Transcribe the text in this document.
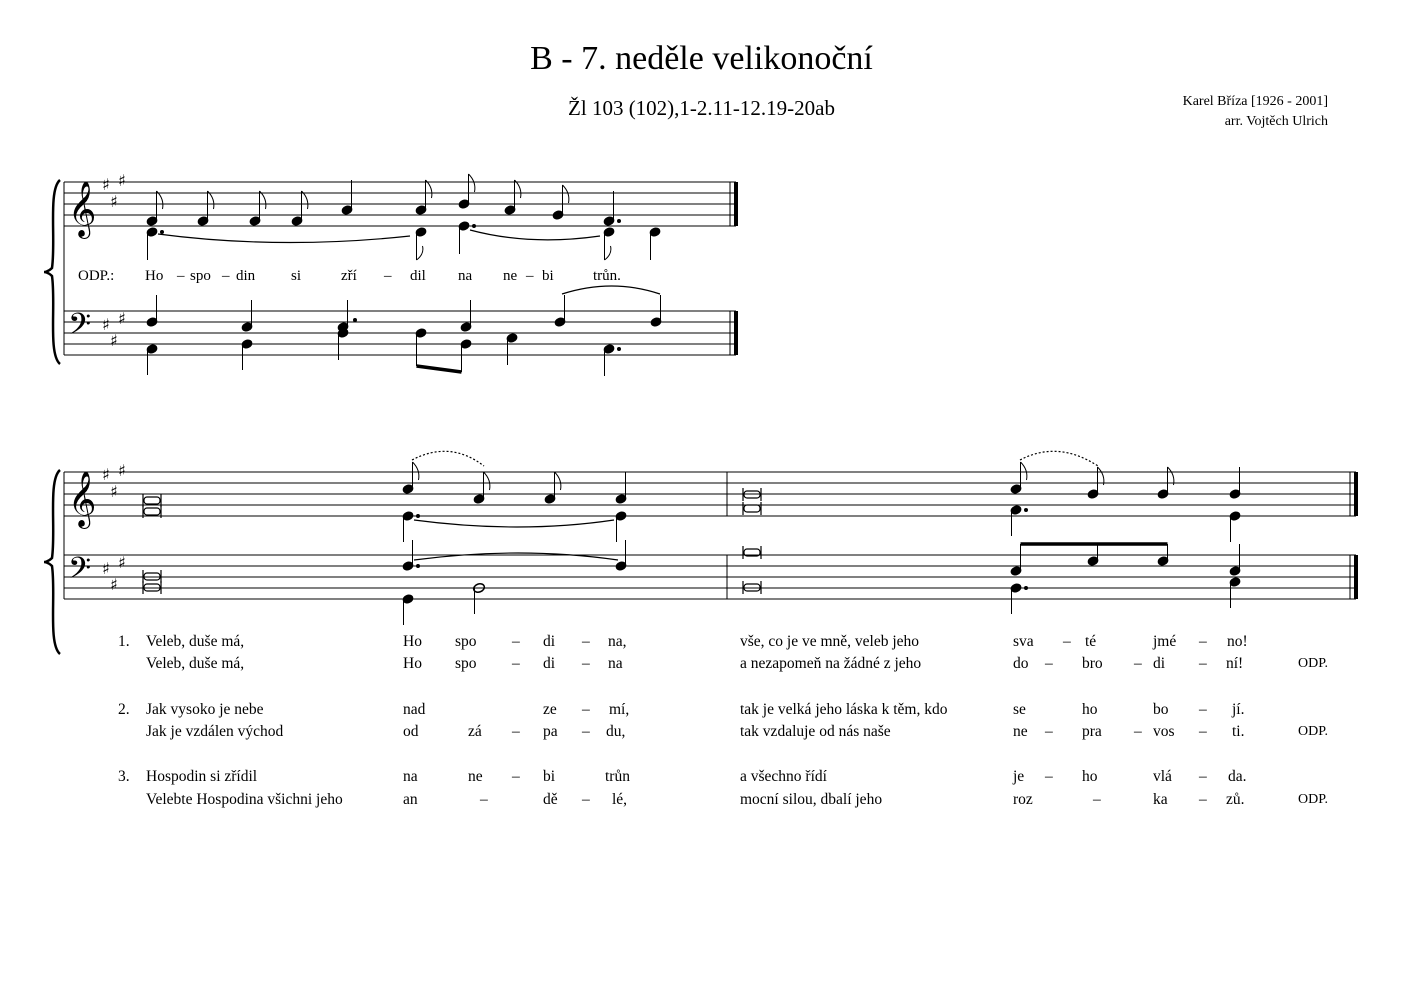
B - 7. neděle velikonoční
Žl 103 (102),1-2.11-12.19-20ab	Karel Bříza [1926 - 2001]
arr. Vojtěch Ulrich
𝄞
𝄢
𝄞
𝄢
♯
♯
♯
♯
♯
♯
♯
♯
♯
♯
♯
♯
ODP.: Ho – spo – din si	zří – dil na ne – bi	trůn.
1. Veleb, duše má,	Ho spo – di – na,	vše, co je ve mně, veleb jeho	sva – té	jmé – no!
Veleb, duše má,	Ho spo – di – na	a nezapomeň na žádné z jeho	do – bro – di – ní!	ODP.
2. Jak vysoko je nebe	nad	ze – mí,	tak je velká jeho láska k těm, kdo	se	ho	bo – jí.
Jak je vzdálen východ	od	zá – pa – du,	tak vzdaluje od nás naše	ne – pra – vos – ti.	ODP.
3. Hospodin si zřídil	na	ne – bi	trůn	a všechno řídí	je – ho	vlá – da.
Velebte Hospodina všichni jeho	an	–	dě – lé,	mocní silou, dbalí jeho	roz	–	ka – zů.	ODP.
